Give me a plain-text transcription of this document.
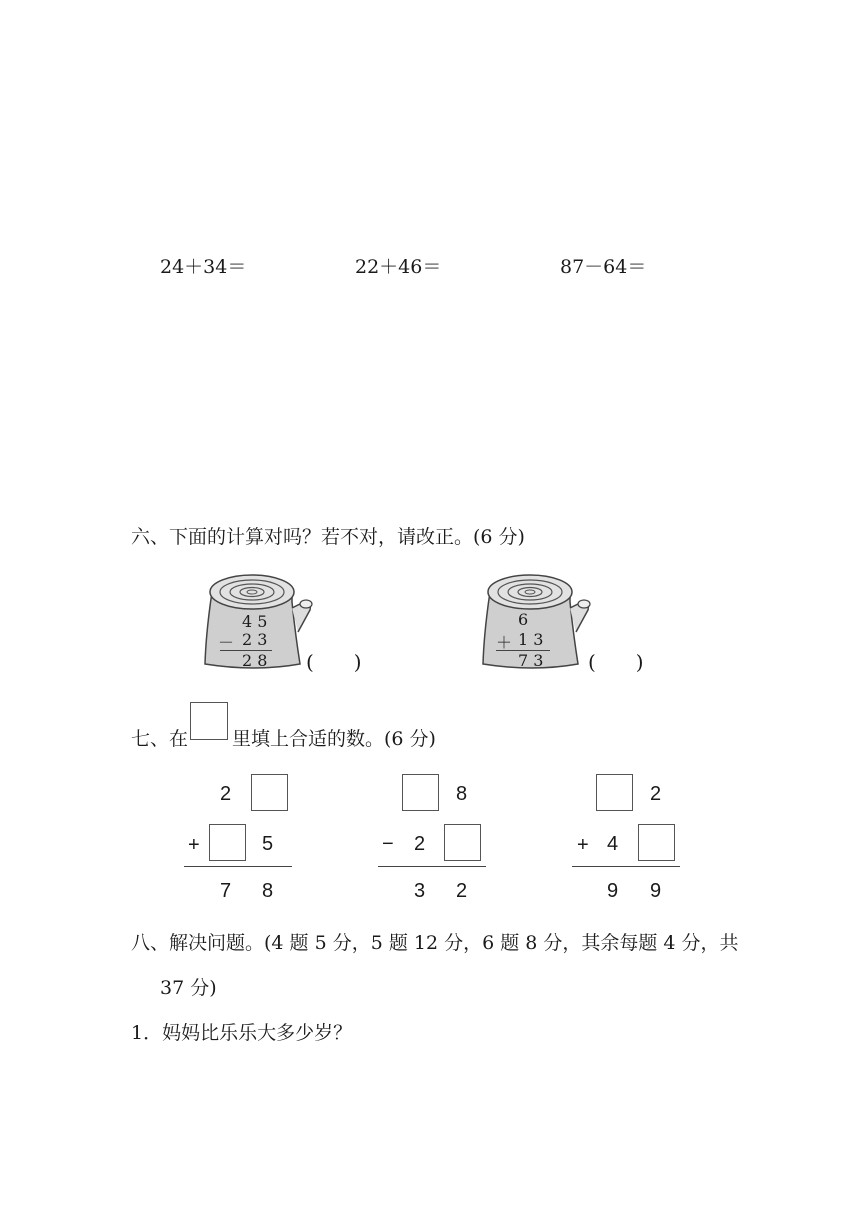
24＋34＝	22＋46＝	87－64＝
六、下面的计算对吗？若不对，请改正。(6 分)
4 5
－ 2 3
2 8 (　　)
6
＋ 1 3
7 3 (　　)
七、在 里填上合适的数。(6 分)
2
+	5
7 8
8
− 2
3 2
2
+ 4
9 9
八、解决问题。(4 题 5 分，5 题 12 分，6 题 8 分，其余每题 4 分，共
37 分)
1．妈妈比乐乐大多少岁？
